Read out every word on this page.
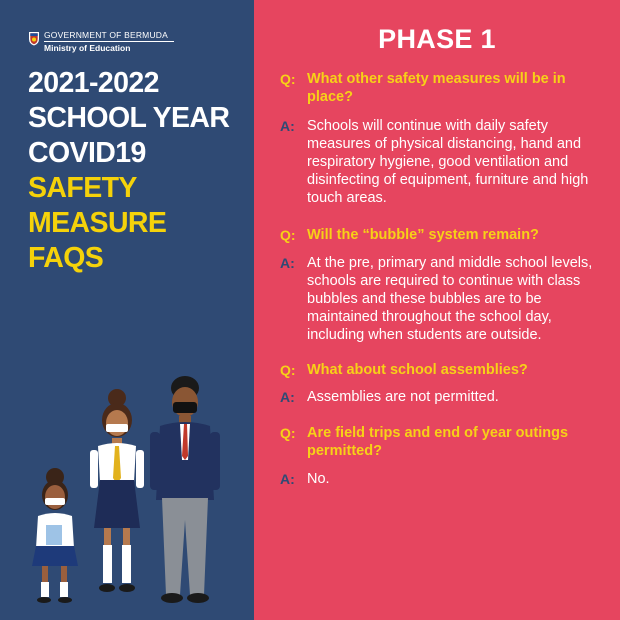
GOVERNMENT OF BERMUDA
Ministry of Education
2021-2022
SCHOOL YEAR
COVID19
SAFETY
MEASURE
FAQS
PHASE 1
Q: What other safety measures will be in place?
A: Schools will continue with daily safety measures of physical distancing, hand and respiratory hygiene, good ventilation and disinfecting of equipment, furniture and high touch areas.
Q: Will the “bubble” system remain?
A: At the pre, primary and middle school levels, schools are required to continue with class bubbles and these bubbles are to be maintained throughout the school day, including when students are outside.
Q: What about school assemblies?
A: Assemblies are not permitted.
Q: Are field trips and end of year outings permitted?
A: No.
